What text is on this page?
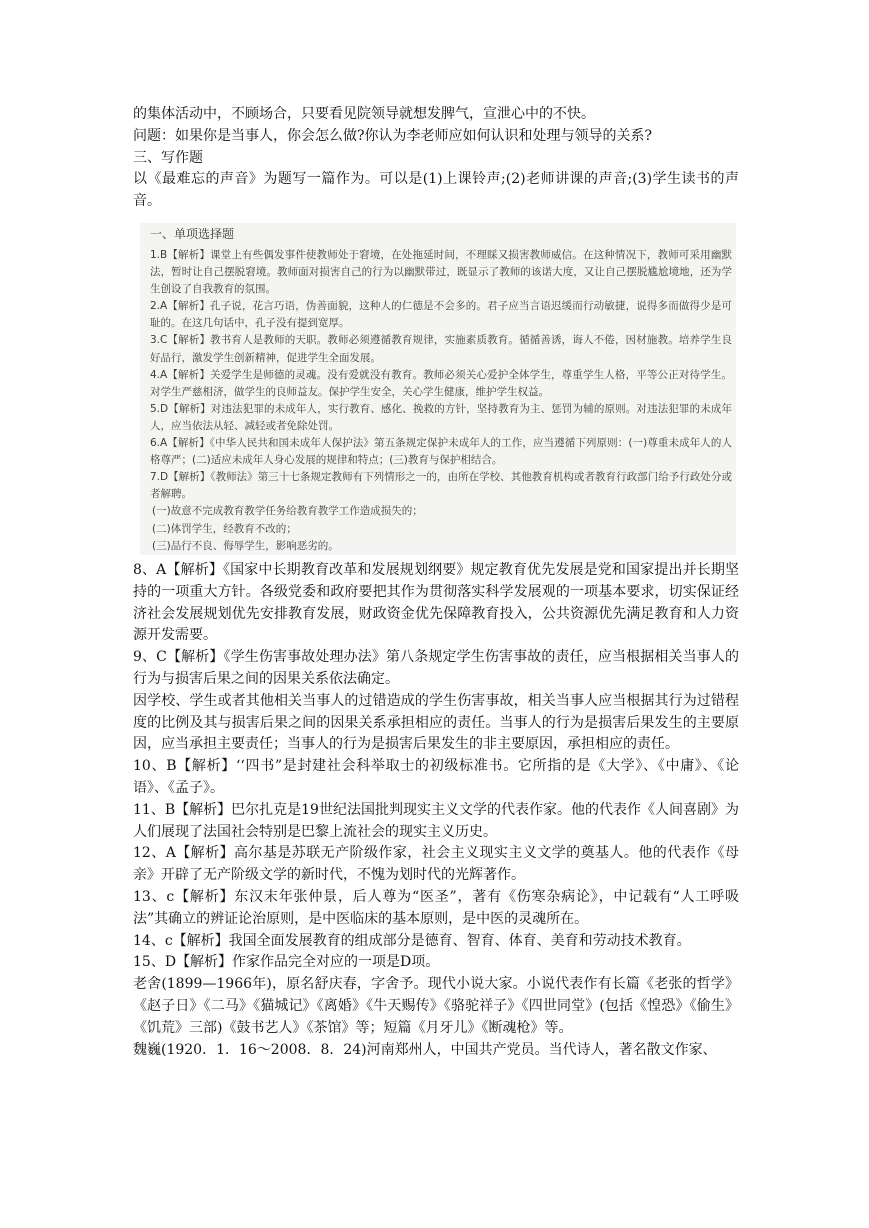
的集体活动中，不顾场合，只要看见院领导就想发脾气，宣泄心中的不快。

问题：如果你是当事人，你会怎么做?你认为李老师应如何认识和处理与领导的关系?

三、写作题

以《最难忘的声音》为题写一篇作为。可以是(1)上课铃声;(2)老师讲课的声音;(3)学生读书的声音。

一、单项选择题

1.B【解析】课堂上有些偶发事件使教师处于窘境，在处拖延时间，不理睬又损害教师威信。在这种情况下，教师可采用幽默法，暂时让自己摆脱窘境。教师面对损害自己的行为以幽默带过，既显示了教师的该诺大度，又让自己摆脱尴尬境地，还为学生创设了自我教育的氛围。

2.A【解析】孔子说，花言巧语，伪善面貌，这种人的仁德是不会多的。君子应当言语迟缓而行动敏捷，说得多而做得少是可耻的。在这几句话中，孔子没有提到宽厚。

3.C【解析】教书育人是教师的天职。教师必须遵循教育规律，实施素质教育。循循善诱，诲人不倦，因材施教。培养学生良好品行，激发学生创新精神，促进学生全面发展。

4.A【解析】关爱学生是师德的灵魂。没有爱就没有教育。教师必须关心爱护全体学生，尊重学生人格，平等公正对待学生。对学生严慈相济，做学生的良师益友。保护学生安全，关心学生健康，维护学生权益。

5.D【解析】对违法犯罪的未成年人，实行教育、感化、挽救的方针，坚持教育为主、惩罚为辅的原则。对违法犯罪的未成年人，应当依法从轻、减轻或者免除处罚。

6.A【解析】《中华人民共和国未成年人保护法》第五条规定保护未成年人的工作，应当遵循下列原则：(一)尊重未成年人的人格尊严；(二)适应未成年人身心发展的规律和特点；(三)教育与保护相结合。

7.D【解析】《教师法》第三十七条规定教师有下列情形之一的，由所在学校、其他教育机构或者教育行政部门给予行政处分或者解聘。

(一)故意不完成教育教学任务给教育教学工作造成损失的；

(二)体罚学生，经教育不改的；

(三)品行不良、侮辱学生，影响恶劣的。

8、A【解析】《国家中长期教育改革和发展规划纲要》规定教育优先发展是党和国家提出并长期坚持的一项重大方针。各级党委和政府要把其作为贯彻落实科学发展观的一项基本要求，切实保证经济社会发展规划优先安排教育发展，财政资金优先保障教育投入，公共资源优先满足教育和人力资源开发需要。

9、C【解析】《学生伤害事故处理办法》第八条规定学生伤害事故的责任，应当根据相关当事人的行为与损害后果之间的因果关系依法确定。

因学校、学生或者其他相关当事人的过错造成的学生伤害事故，相关当事人应当根据其行为过错程度的比例及其与损害后果之间的因果关系承担相应的责任。当事人的行为是损害后果发生的主要原因，应当承担主要责任；当事人的行为是损害后果发生的非主要原因，承担相应的责任。

10、B【解析】‘‘四书”是封建社会科举取士的初级标准书。它所指的是《大学》、《中庸》、《论语》、《孟子》。

11、B【解析】巴尔扎克是19世纪法国批判现实主义文学的代表作家。他的代表作《人间喜剧》为人们展现了法国社会特别是巴黎上流社会的现实主义历史。

12、A【解析】高尔基是苏联无产阶级作家，社会主义现实主义文学的奠基人。他的代表作《母亲》开辟了无产阶级文学的新时代，不愧为划时代的光辉著作。

13、c【解析】东汉末年张仲景，后人尊为“医圣”，著有《伤寒杂病论》，中记载有“人工呼吸法”其确立的辨证论治原则，是中医临床的基本原则，是中医的灵魂所在。

14、c【解析】我国全面发展教育的组成部分是德育、智育、体育、美育和劳动技术教育。

15、D【解析】作家作品完全对应的一项是D项。

老舍(1899—1966年)，原名舒庆春，字舍予。现代小说大家。小说代表作有长篇《老张的哲学》《赵子日》《二马》《猫城记》《离婚》《牛天赐传》《骆驼祥子》《四世同堂》(包括《惶恐》《偷生》《饥荒》三部)《鼓书艺人》《茶馆》等；短篇《月牙儿》《断魂枪》等。

魏巍(1920．1．16～2008．8．24)河南郑州人，中国共产党员。当代诗人，著名散文作家、
